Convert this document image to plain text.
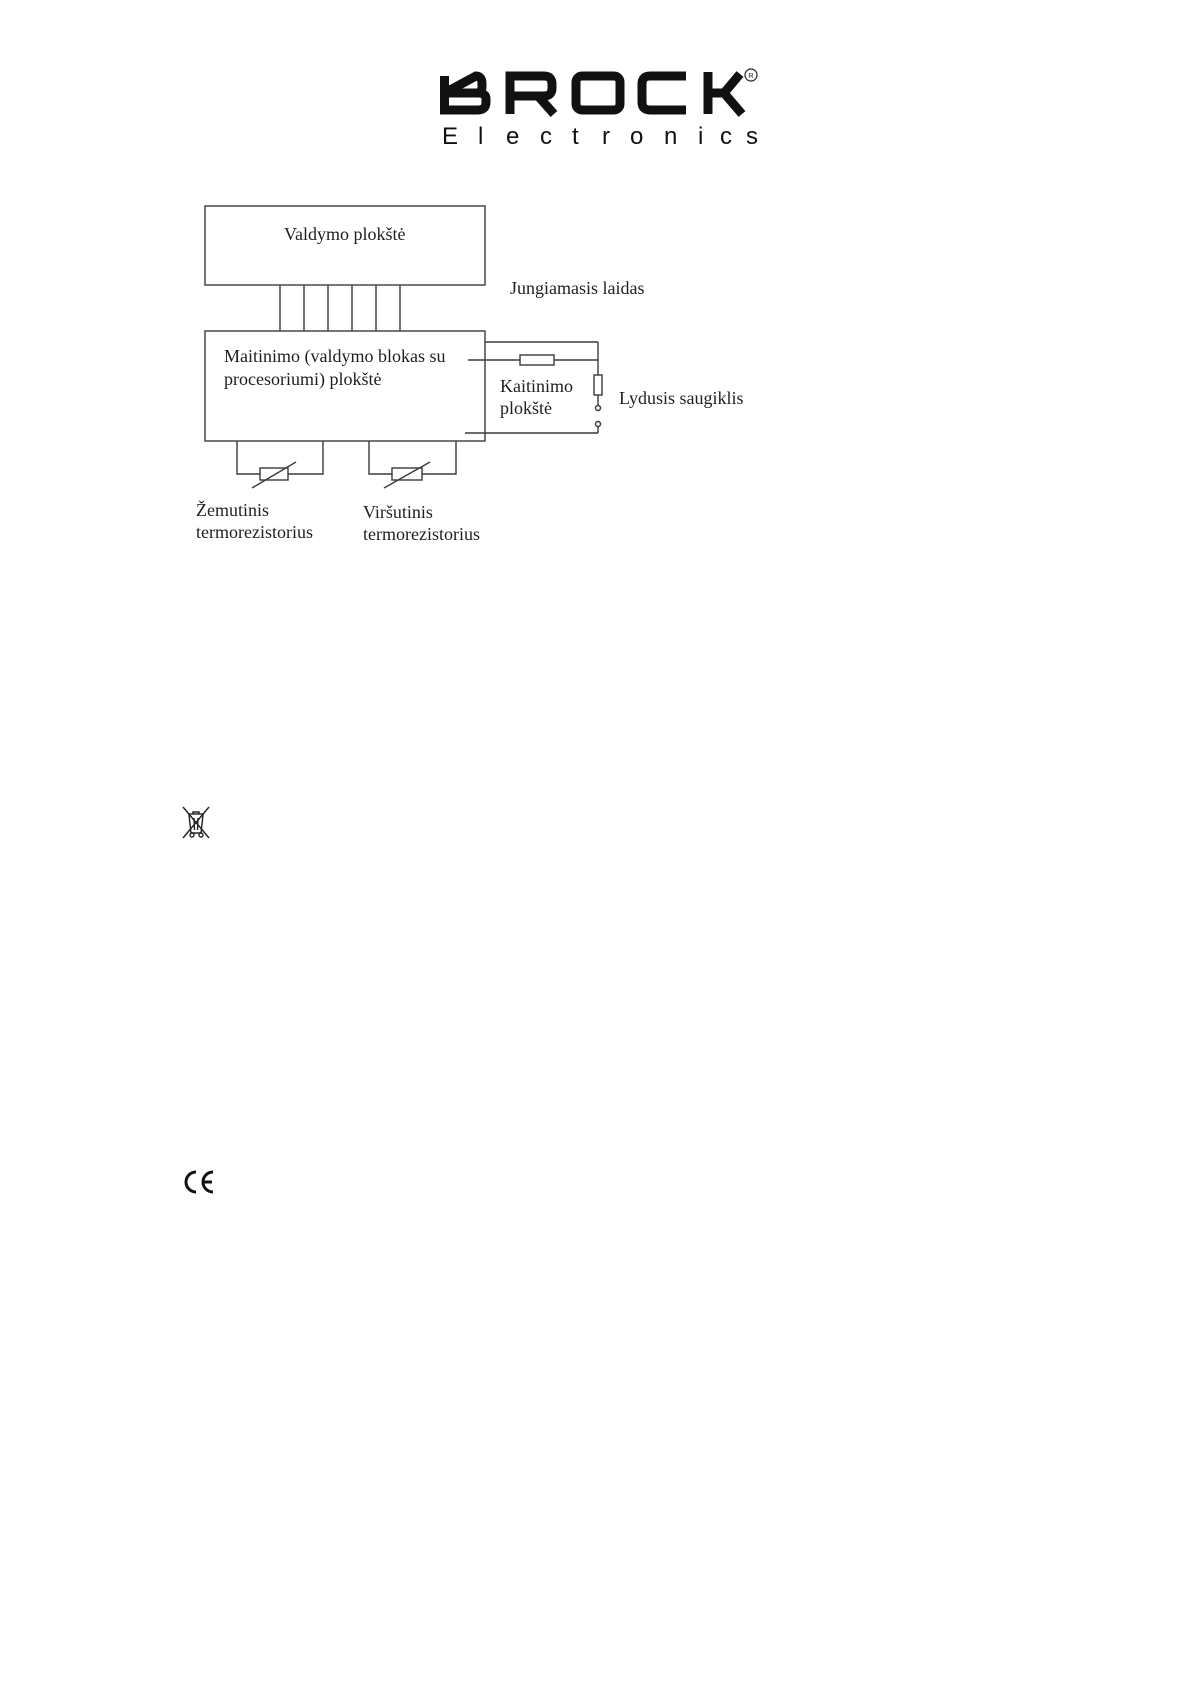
R
E l e c t r o n i c s
Valdymo plokštė
Jungiamasis laidas
Maitinimo (valdymo blokas su
procesoriumi) plokštė	Kaitinimo
plokštė	Lydusis saugiklis
Žemutinis
termorezistorius
Viršutinis
termorezistorius
